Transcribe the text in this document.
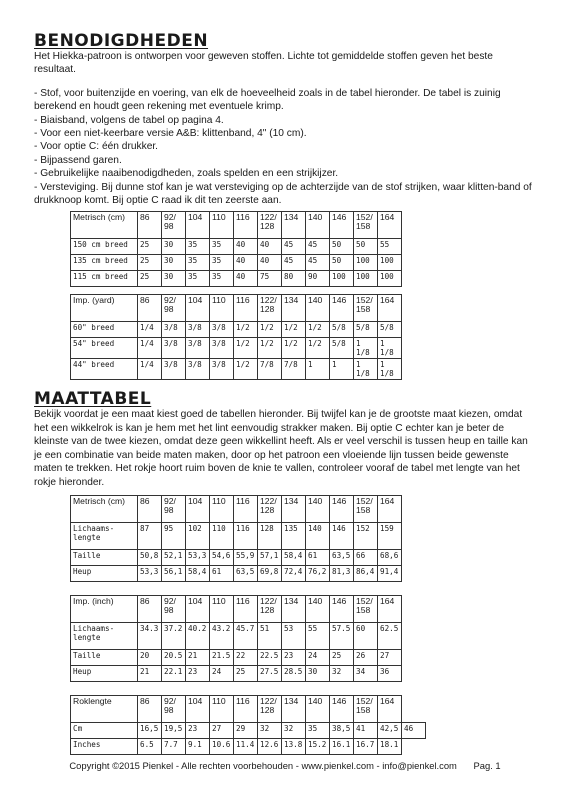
BENODIGDHEDEN

Het Hiekka-patroon is ontworpen voor geweven stoffen. Lichte tot gemiddelde stoffen geven het beste resultaat.

- Stof, voor buitenzijde en voering, van elk de hoeveelheid zoals in de tabel hieronder. De tabel is zuinig berekend en houdt geen rekening met eventuele krimp.

- Biaisband, volgens de tabel op pagina 4.

- Voor een niet-keerbare versie A&B: klittenband, 4" (10 cm).

- Voor optie C: één drukker.

- Bijpassend garen.

- Gebruikelijke naaibenodigdheden, zoals spelden en een strijkijzer.

- Versteviging. Bij dunne stof kan je wat versteviging op de achterzijde van de stof strijken, waar klitten-band of drukknoop komt. Bij optie C raad ik dit ten zeerste aan.

Metrisch (cm)	86	92/ 98	104	110	116	122/ 128	134	140	146	152/ 158	164
150 cm breed	25	30	35	35	40	40	45	45	50	50	55
135 cm breed	25	30	35	35	40	40	45	45	50	100	100
115 cm breed	25	30	35	35	40	75	80	90	100	100	100
Imp. (yard)	86	92/ 98	104	110	116	122/ 128	134	140	146	152/ 158	164
60" breed	1/4	3/8	3/8	3/8	1/2	1/2	1/2	1/2	5/8	5/8	5/8
54" breed	1/4	3/8	3/8	3/8	1/2	1/2	1/2	1/2	5/8	1 1/8	1 1/8
44" breed	1/4	3/8	3/8	3/8	1/2	7/8	7/8	1	1	1 1/8	1 1/8
MAATTABEL

Bekijk voordat je een maat kiest goed de tabellen hieronder. Bij twijfel kan je de grootste maat kiezen, omdat het een wikkelrok is kan je hem met het lint eenvoudig strakker maken. Bij optie C echter kan je beter de kleinste van de twee kiezen, omdat deze geen wikkellint heeft. Als er veel verschil is tussen heup en taille kan je een combinatie van beide maten maken, door op het patroon een vloeiende lijn tussen beide gewenste maten te trekken. Het rokje hoort ruim boven de knie te vallen, controleer vooraf de tabel met lengte van het rokje hieronder.

Metrisch (cm)	86	92/ 98	104	110	116	122/ 128	134	140	146	152/ 158	164
Lichaams- lengte	87	95	102	110	116	128	135	140	146	152	159
Taille	50,8	52,1	53,3	54,6	55,9	57,1	58,4	61	63,5	66	68,6
Heup	53,3	56,1	58,4	61	63,5	69,8	72,4	76,2	81,3	86,4	91,4
Imp. (inch)	86	92/ 98	104	110	116	122/ 128	134	140	146	152/ 158	164
Lichaams- lengte	34.3	37.2	40.2	43.2	45.7	51	53	55	57.5	60	62.5
Taille	20	20.5	21	21.5	22	22.5	23	24	25	26	27
Heup	21	22.1	23	24	25	27.5	28.5	30	32	34	36
Roklengte	86	92/ 98	104	110	116	122/ 128	134	140	146	152/ 158	164	
Cm	16,5	19,5	23	27	29	32	32	35	38,5	41	42,5	46
Inches	6.5	7.7	9.1	10.6	11.4	12.6	13.8	15.2	16.1	16.7	18.1	
Copyright ©2015 Pienkel - Alle rechten voorbehouden - www.pienkel.com - info@pienkel.com Pag. 1
